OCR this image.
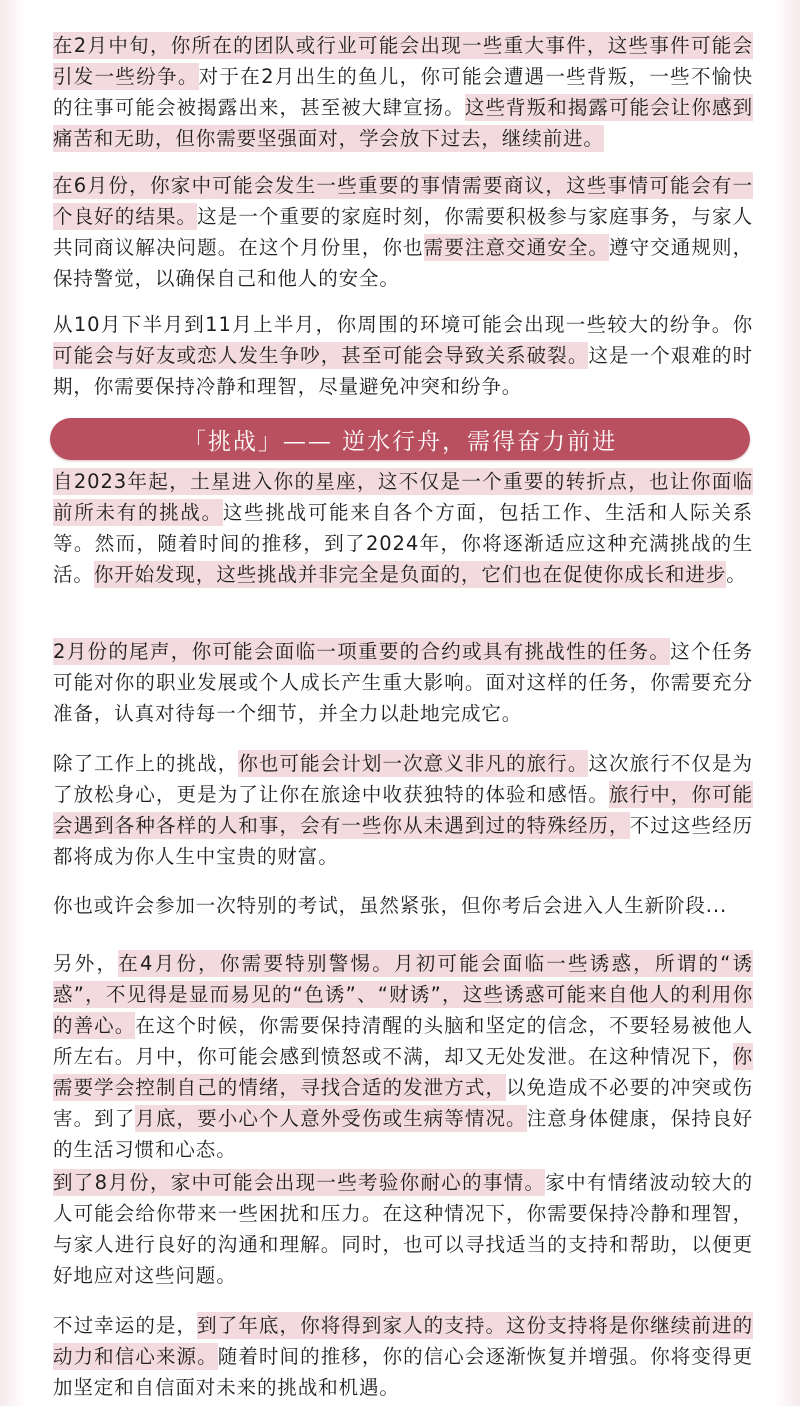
在2月中旬，你所在的团队或行业可能会出现一些重大事件，这些事件可能会引发一些纷争。对于在2月出生的鱼儿，你可能会遭遇一些背叛，一些不愉快的往事可能会被揭露出来，甚至被大肆宣扬。这些背叛和揭露可能会让你感到痛苦和无助，但你需要坚强面对，学会放下过去，继续前进。

在6月份，你家中可能会发生一些重要的事情需要商议，这些事情可能会有一个良好的结果。这是一个重要的家庭时刻，你需要积极参与家庭事务，与家人共同商议解决问题。在这个月份里，你也需要注意交通安全。遵守交通规则，保持警觉，以确保自己和他人的安全。

从10月下半月到11月上半月，你周围的环境可能会出现一些较大的纷争。你可能会与好友或恋人发生争吵，甚至可能会导致关系破裂。这是一个艰难的时期，你需要保持冷静和理智，尽量避免冲突和纷争。

「挑战」—— 逆水行舟，需得奋力前进

自2023年起，土星进入你的星座，这不仅是一个重要的转折点，也让你面临前所未有的挑战。这些挑战可能来自各个方面，包括工作、生活和人际关系等。然而，随着时间的推移，到了2024年，你将逐渐适应这种充满挑战的生活。你开始发现，这些挑战并非完全是负面的，它们也在促使你成长和进步。

2月份的尾声，你可能会面临一项重要的合约或具有挑战性的任务。这个任务可能对你的职业发展或个人成长产生重大影响。面对这样的任务，你需要充分准备，认真对待每一个细节，并全力以赴地完成它。

除了工作上的挑战，你也可能会计划一次意义非凡的旅行。这次旅行不仅是为了放松身心，更是为了让你在旅途中收获独特的体验和感悟。旅行中，你可能会遇到各种各样的人和事，会有一些你从未遇到过的特殊经历，不过这些经历都将成为你人生中宝贵的财富。

你也或许会参加一次特别的考试，虽然紧张，但你考后会进入人生新阶段...

另外，在4月份，你需要特别警惕。月初可能会面临一些诱惑，所谓的“诱惑”，不见得是显而易见的“色诱”、“财诱”，这些诱惑可能来自他人的利用你的善心。在这个时候，你需要保持清醒的头脑和坚定的信念，不要轻易被他人所左右。月中，你可能会感到愤怒或不满，却又无处发泄。在这种情况下，你需要学会控制自己的情绪，寻找合适的发泄方式，以免造成不必要的冲突或伤害。到了月底，要小心个人意外受伤或生病等情况。注意身体健康，保持良好的生活习惯和心态。

到了8月份，家中可能会出现一些考验你耐心的事情。家中有情绪波动较大的人可能会给你带来一些困扰和压力。在这种情况下，你需要保持冷静和理智，与家人进行良好的沟通和理解。同时，也可以寻找适当的支持和帮助，以便更好地应对这些问题。

不过幸运的是，到了年底，你将得到家人的支持。这份支持将是你继续前进的动力和信心来源。随着时间的推移，你的信心会逐渐恢复并增强。你将变得更加坚定和自信面对未来的挑战和机遇。
